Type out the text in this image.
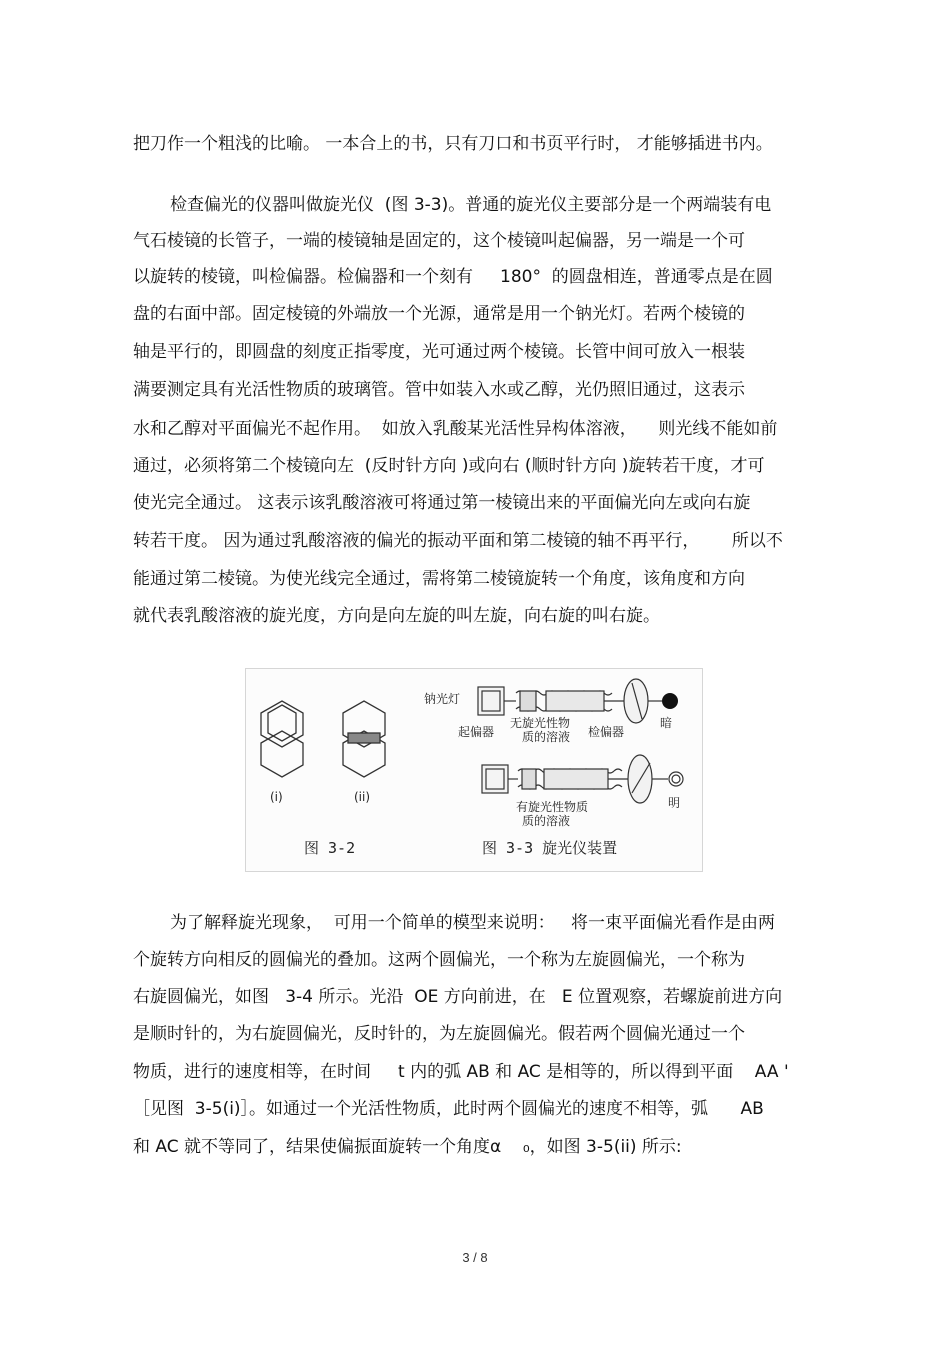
把刀作一个粗浅的比喻。 一本合上的书，只有刀口和书页平行时， 才能够插进书内。
检查偏光的仪器叫做旋光仪  (图 3-3)。普通的旋光仪主要部分是一个两端装有电
气石棱镜的长管子，一端的棱镜轴是固定的，这个棱镜叫起偏器，另一端是一个可
以旋转的棱镜，叫检偏器。检偏器和一个刻有     180°  的圆盘相连，普通零点是在圆
盘的右面中部。固定棱镜的外端放一个光源，通常是用一个钠光灯。若两个棱镜的
轴是平行的，即圆盘的刻度正指零度，光可通过两个棱镜。长管中间可放入一根装
满要测定具有光活性物质的玻璃管。管中如装入水或乙醇，光仍照旧通过，这表示
水和乙醇对平面偏光不起作用。  如放入乳酸某光活性异构体溶液，    则光线不能如前
通过，必须将第二个棱镜向左  (反时针方向 )或向右 (顺时针方向 )旋转若干度，才可
使光完全通过。 这表示该乳酸溶液可将通过第一棱镜出来的平面偏光向左或向右旋
转若干度。 因为通过乳酸溶液的偏光的振动平面和第二棱镜的轴不再平行，      所以不
能通过第二棱镜。为使光线完全通过，需将第二棱镜旋转一个角度，该角度和方向
就代表乳酸溶液的旋光度，方向是向左旋的叫左旋，向右旋的叫右旋。
(i)	(ii)
钠光灯
起偏器
无旋光性物
质的溶液 检偏器
暗
有旋光性物质
质的溶液
明
图 3-2	图 3-3 旋光仪装置
为了解释旋光现象，  可用一个简单的模型来说明：   将一束平面偏光看作是由两
个旋转方向相反的圆偏光的叠加。这两个圆偏光，一个称为左旋圆偏光，一个称为
右旋圆偏光，如图   3-4 所示。光沿  OE 方向前进，在   E 位置观察，若螺旋前进方向
是顺时针的，为右旋圆偏光，反时针的，为左旋圆偏光。假若两个圆偏光通过一个
物质，进行的速度相等，在时间     t 内的弧 AB 和 AC 是相等的，所以得到平面    AA '
［见图  3-5(i)］。如通过一个光活性物质，此时两个圆偏光的速度不相等，弧      AB
和 AC 就不等同了，结果使偏振面旋转一个角度α    ₀，如图 3-5(ii) 所示:
3 / 8
